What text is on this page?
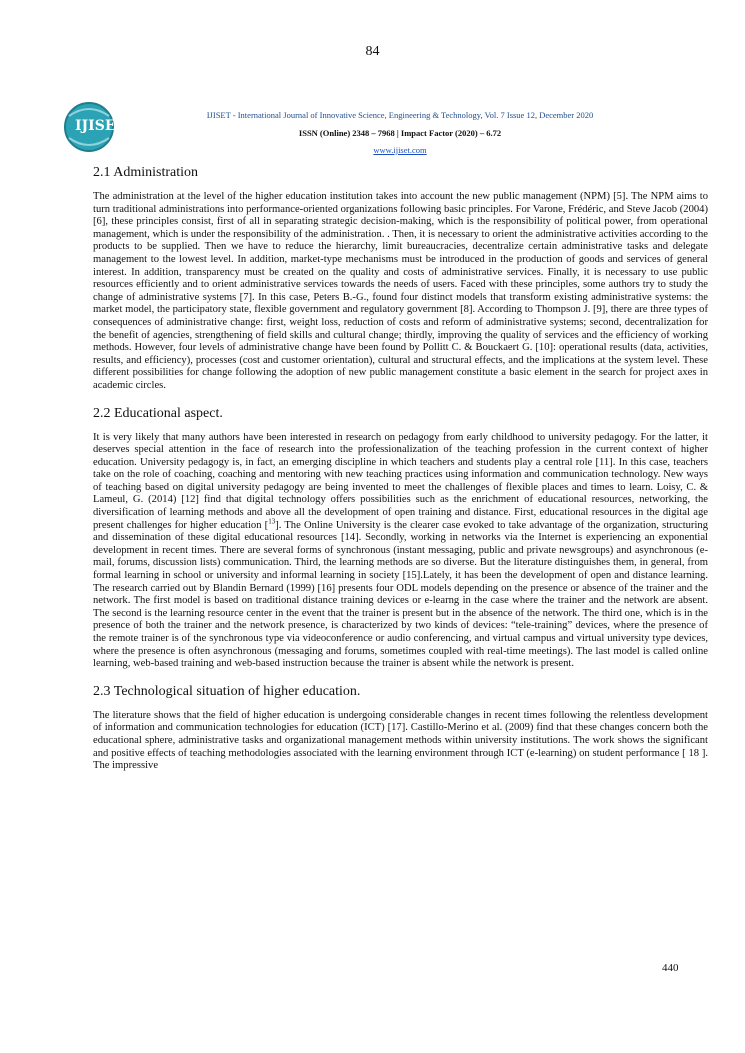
84
IJISET
IJISET - International Journal of Innovative Science, Engineering & Technology, Vol. 7 Issue 12, December 2020
ISSN (Online) 2348 – 7968 | Impact Factor (2020) – 6.72
www.ijiset.com
2.1 Administration

The administration at the level of the higher education institution takes into account the new public management (NPM) [5]. The NPM aims to turn traditional administrations into performance-oriented organizations following basic principles. For Varone, Frédéric, and Steve Jacob (2004) [6], these principles consist, first of all in separating strategic decision-making, which is the responsibility of political power, from operational management, which is under the responsibility of the administration. . Then, it is necessary to orient the administrative activities according to the products to be supplied. Then we have to reduce the hierarchy, limit bureaucracies, decentralize certain administrative tasks and delegate management to the lowest level. In addition, market-type mechanisms must be introduced in the production of goods and services of general interest. In addition, transparency must be created on the quality and costs of administrative services. Finally, it is necessary to use public resources efficiently and to orient administrative services towards the needs of users. Faced with these principles, some authors try to study the change of administrative systems [7]. In this case, Peters B.-G., found four distinct models that transform existing administrative systems: the market model, the participatory state, flexible government and regulatory government [8]. According to Thompson J. [9], there are three types of consequences of administrative change: first, weight loss, reduction of costs and reform of administrative systems; second, decentralization for the benefit of agencies, strengthening of field skills and cultural change; thirdly, improving the quality of services and the efficiency of working methods. However, four levels of administrative change have been found by Pollitt C. & Bouckaert G. [10]: operational results (data, activities, results, and efficiency), processes (cost and customer orientation), cultural and structural effects, and the implications at the system level. These different possibilities for change following the adoption of new public management constitute a basic element in the search for project axes in academic circles.

2.2 Educational aspect.

It is very likely that many authors have been interested in research on pedagogy from early childhood to university pedagogy. For the latter, it deserves special attention in the face of research into the professionalization of the teaching profession in the current context of higher education. University pedagogy is, in fact, an emerging discipline in which teachers and students play a central role [11]. In this case, teachers take on the role of coaching, coaching and mentoring with new teaching practices using information and communication technology. New ways of teaching based on digital university pedagogy are being invented to meet the challenges of flexible places and times to learn. Loisy, C. & Lameul, G. (2014) [12] find that digital technology offers possibilities such as the enrichment of educational resources, networking, the diversification of learning methods and above all the development of open training and distance. First, educational resources in the digital age present challenges for higher education [$^{13}$]. The Online University is the clearer case evoked to take advantage of the organization, structuring and dissemination of these digital educational resources [14]. Secondly, working in networks via the Internet is experiencing an exponential development in recent times. There are several forms of synchronous (instant messaging, public and private newsgroups) and asynchronous (e-mail, forums, discussion lists) communication. Third, the learning methods are so diverse. But the literature distinguishes them, in general, from formal learning in school or university and informal learning in society [15].Lately, it has been the development of open and distance learning. The research carried out by Blandin Bernard (1999) [16] presents four ODL models depending on the presence or absence of the trainer and the network. The first model is based on traditional distance training devices or e-learng in the case where the trainer and the network are absent. The second is the learning resource center in the event that the trainer is present but in the absence of the network. The third one, which is in the presence of both the trainer and the network presence, is characterized by two kinds of devices: “tele-training” devices, where the presence of the remote trainer is of the synchronous type via videoconference or audio conferencing, and virtual campus and virtual university type devices, where the presence is often asynchronous (messaging and forums, sometimes coupled with real-time meetings). The last model is called online learning, web-based training and web-based instruction because the trainer is absent while the network is present.

2.3 Technological situation of higher education.

The literature shows that the field of higher education is undergoing considerable changes in recent times following the relentless development of information and communication technologies for education (ICT) [17]. Castillo-Merino et al. (2009) find that these changes concern both the educational sphere, administrative tasks and organizational management methods within university institutions. The work shows the significant and positive effects of teaching methodologies associated with the learning environment through ICT (e-learning) on student performance [ 18 ]. The impressive

440
